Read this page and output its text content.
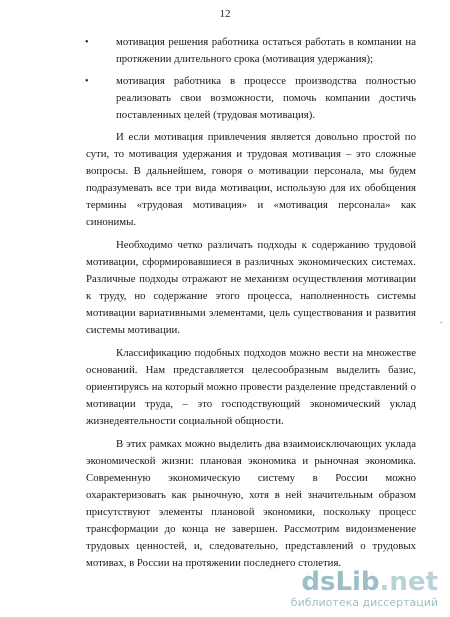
12
•	мотивация решения работника остаться работать в компании на протяжении длительного срока (мотивация удержания);

•	мотивация работника в процессе производства полностью реализовать свои возможности, помочь компании достичь поставленных целей (трудовая мотивация).

И если мотивация привлечения является довольно простой по сути, то мотивация удержания и трудовая мотивация – это сложные вопросы. В дальнейшем, говоря о мотивации персонала, мы будем подразумевать все три вида мотивации, использую для их обобщения термины «трудовая мотивация» и «мотивация персонала» как синонимы.

Необходимо четко различать подходы к содержанию трудовой мотивации, сформировавшиеся в различных экономических системах. Различные подходы отражают не механизм осуществления мотивации к труду, но содержание этого процесса, наполненность системы мотивации вариативными элементами, цель существования и развития системы мотивации.

Классификацию подобных подходов можно вести на множестве оснований. Нам представляется целесообразным выделить базис, ориентируясь на который можно провести разделение представлений о мотивации труда, – это господствующий экономический уклад жизнедеятельности социальной общности.

В этих рамках можно выделить два взаимоисключающих уклада экономической жизни: плановая экономика и рыночная экономика. Современную экономическую систему в России можно охарактеризовать как рыночную, хотя в ней значительным образом присутствуют элементы плановой экономики, поскольку процесс трансформации до конца не завершен. Рассмотрим видоизменение трудовых ценностей, и, следовательно, представлений о трудовых мотивах, в России на протяжении последнего столетия.

-
dsLib.net
библиотека диссертаций
